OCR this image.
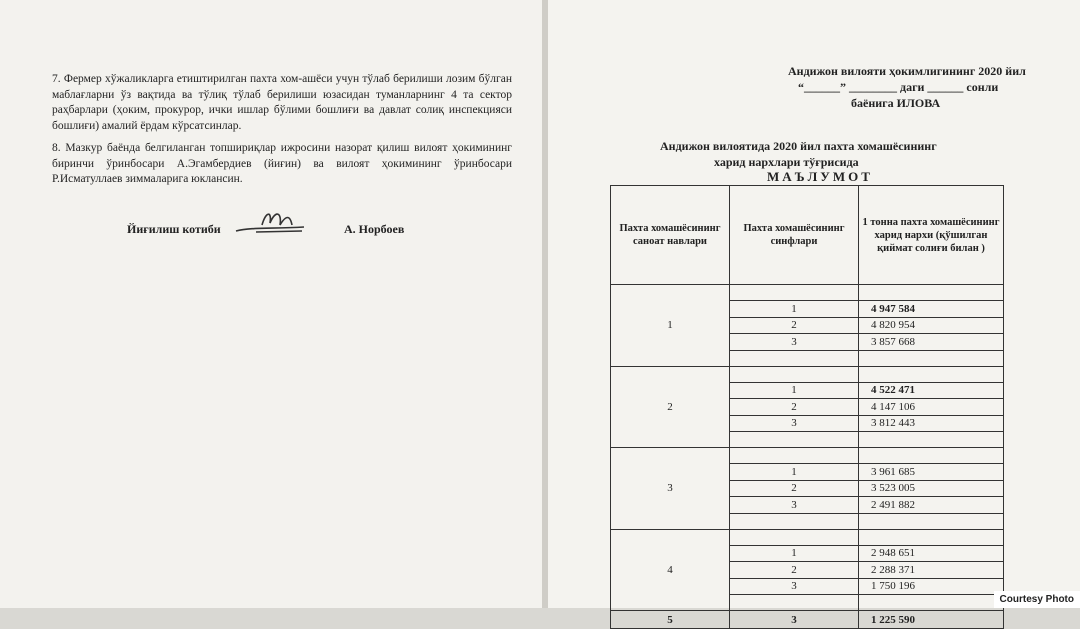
7. Фермер хўжаликларга етиштирилган пахта хом-ашёси учун тўлаб берилиши лозим бўлган маблағларни ўз вақтида ва тўлиқ тўлаб берилиши юзасидан туманларнинг 4 та сектор раҳбарлари (ҳоким, прокурор, ички ишлар бўлими бошлиғи ва давлат солиқ инспекцияси бошлиғи) амалий ёрдам кўрсатсинлар.
8. Мазкур баёнда белгиланган топшириқлар ижросини назорат қилиш вилоят ҳокимининг биринчи ўринбосари А.Эгамбердиев (йиғин) ва вилоят ҳокимининг ўринбосари Р.Исматуллаев зиммаларига юклансин.
Йиғилиш котиби	А. Норбоев
Андижон вилояти ҳокимлигининг 2020 йил
“______” ________ даги ______ сонли
баёнига ИЛОВА
Андижон вилоятида 2020 йил пахта хомашёсининг
харид нархлари тўғрисида
МАЪЛУМОТ
Пахта хомашёсининг саноат навлари	Пахта хомашёсининг синфлари	1 тонна пахта хомашёсининг харид нархи (қўшилган қиймат солиғи билан )
1		
	1	4 947 584
	2	4 820 954
	3	3 857 668

2		
	1	4 522 471
	2	4 147 106
	3	3 812 443

3		
	1	3 961 685
	2	3 523 005
	3	2 491 882

4		
	1	2 948 651
	2	2 288 371
	3	1 750 196

5	3	1 225 590
Courtesy Photo
